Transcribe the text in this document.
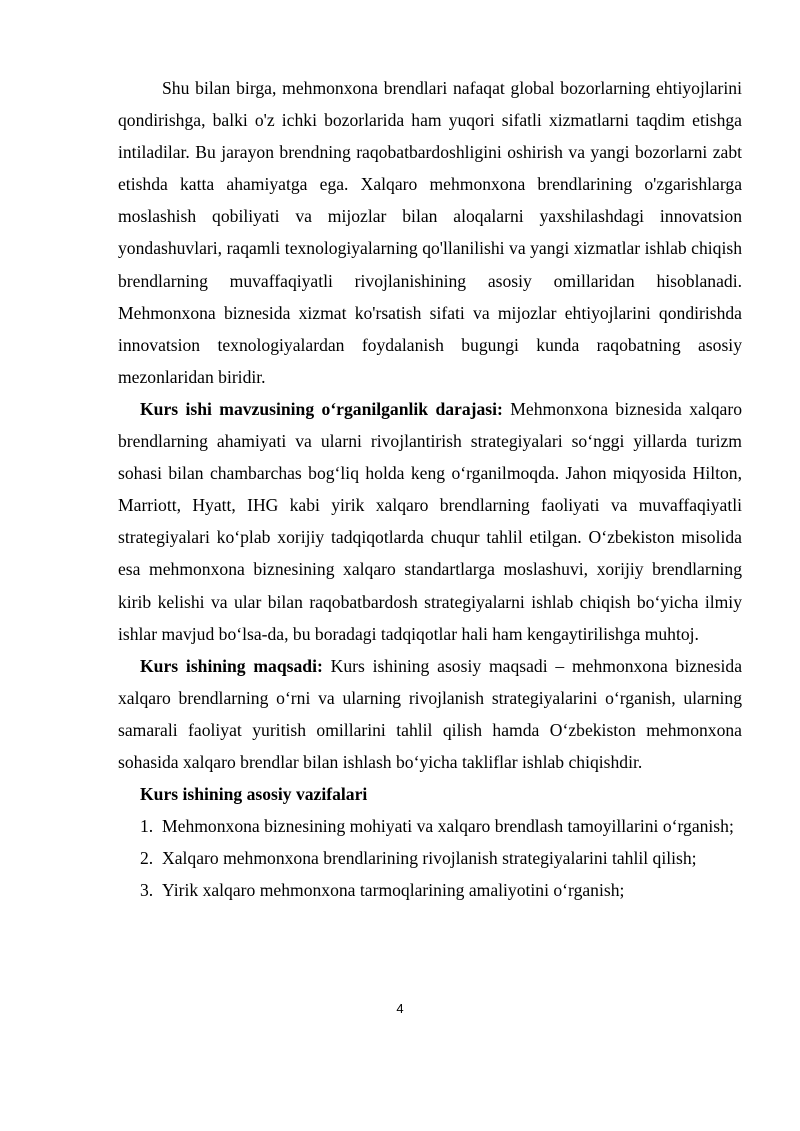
Shu bilan birga, mehmonxona brendlari nafaqat global bozorlarning ehtiyojlarini qondirishga, balki o'z ichki bozorlarida ham yuqori sifatli xizmatlarni taqdim etishga intiladilar. Bu jarayon brendning raqobatbardoshligini oshirish va yangi bozorlarni zabt etishda katta ahamiyatga ega. Xalqaro mehmonxona brendlarining o'zgarishlarga moslashish qobiliyati va mijozlar bilan aloqalarni yaxshilashdagi innovatsion yondashuvlari, raqamli texnologiyalarning qo'llanilishi va yangi xizmatlar ishlab chiqish brendlarning muvaffaqiyatli rivojlanishining asosiy omillaridan hisoblanadi. Mehmonxona biznesida xizmat ko'rsatish sifati va mijozlar ehtiyojlarini qondirishda innovatsion texnologiyalardan foydalanish bugungi kunda raqobatning asosiy mezonlaridan biridir.

Kurs ishi mavzusining o‘rganilganlik darajasi: Mehmonxona biznesida xalqaro brendlarning ahamiyati va ularni rivojlantirish strategiyalari so‘nggi yillarda turizm sohasi bilan chambarchas bog‘liq holda keng o‘rganilmoqda. Jahon miqyosida Hilton, Marriott, Hyatt, IHG kabi yirik xalqaro brendlarning faoliyati va muvaffaqiyatli strategiyalari ko‘plab xorijiy tadqiqotlarda chuqur tahlil etilgan. O‘zbekiston misolida esa mehmonxona biznesining xalqaro standartlarga moslashuvi, xorijiy brendlarning kirib kelishi va ular bilan raqobatbardosh strategiyalarni ishlab chiqish bo‘yicha ilmiy ishlar mavjud bo‘lsa-da, bu boradagi tadqiqotlar hali ham kengaytirilishga muhtoj.

Kurs ishining maqsadi: Kurs ishining asosiy maqsadi – mehmonxona biznesida xalqaro brendlarning o‘rni va ularning rivojlanish strategiyalarini o‘rganish, ularning samarali faoliyat yuritish omillarini tahlil qilish hamda O‘zbekiston mehmonxona sohasida xalqaro brendlar bilan ishlash bo‘yicha takliflar ishlab chiqishdir.

Kurs ishining asosiy vazifalari
1. Mehmonxona biznesining mohiyati va xalqaro brendlash tamoyillarini o‘rganish;
2. Xalqaro mehmonxona brendlarining rivojlanish strategiyalarini tahlil qilish;
3. Yirik xalqaro mehmonxona tarmoqlarining amaliyotini o‘rganish;
4
